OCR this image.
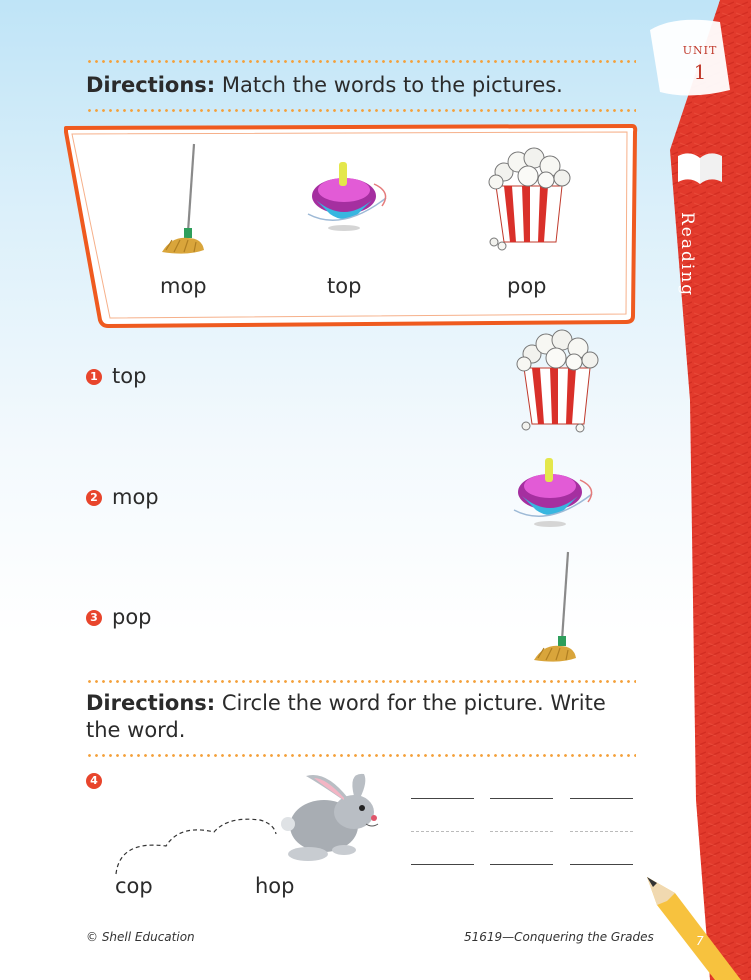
UNIT
1
Reading
7
Directions: Match the words to the pictures.
mop	top	pop
1 top
2 mop
3 pop
Directions: Circle the word for the picture. Write the word.
4
cop	hop
© Shell Education	51619—Conquering the Grades
